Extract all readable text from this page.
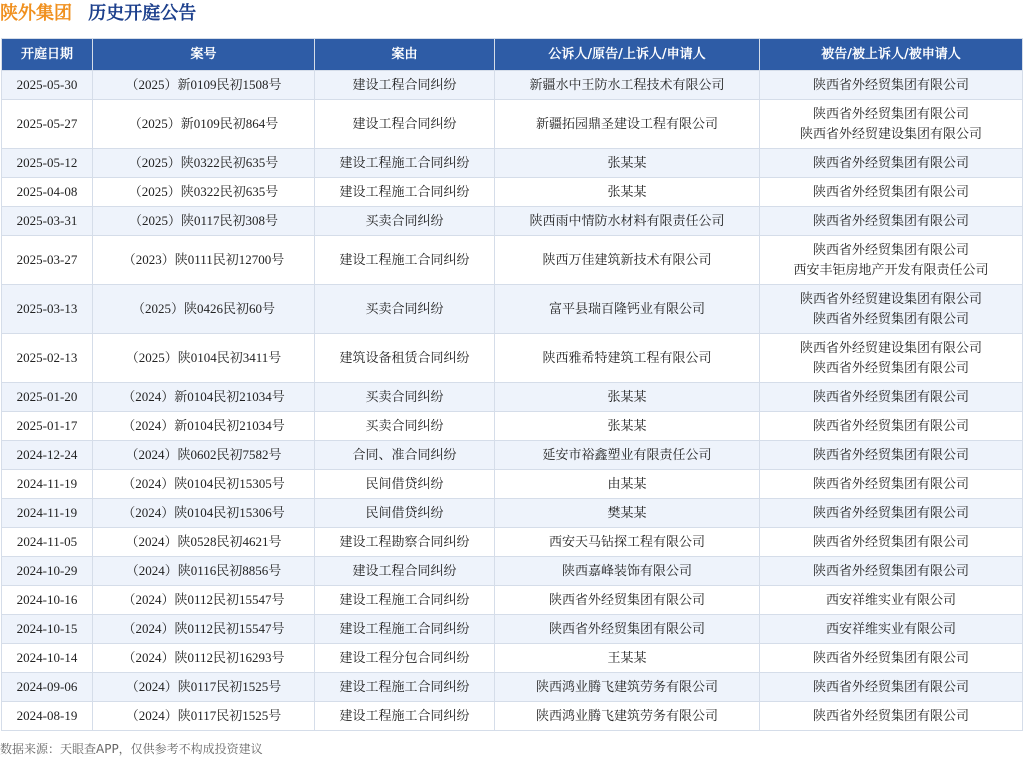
陕外集团 历史开庭公告
开庭日期	案号	案由	公诉人/原告/上诉人/申请人	被告/被上诉人/被申请人
2025-05-30	（2025）新0109民初1508号	建设工程合同纠纷	新疆水中王防水工程技术有限公司	陕西省外经贸集团有限公司

2025-05-27	（2025）新0109民初864号	建设工程合同纠纷	新疆拓园鼎圣建设工程有限公司	陕西省外经贸集团有限公司
陕西省外经贸建设集团有限公司

2025-05-12	（2025）陕0322民初635号	建设工程施工合同纠纷	张某某	陕西省外经贸集团有限公司

2025-04-08	（2025）陕0322民初635号	建设工程施工合同纠纷	张某某	陕西省外经贸集团有限公司

2025-03-31	（2025）陕0117民初308号	买卖合同纠纷	陕西雨中情防水材料有限责任公司	陕西省外经贸集团有限公司

2025-03-27	（2023）陕0111民初12700号	建设工程施工合同纠纷	陕西万佳建筑新技术有限公司	陕西省外经贸集团有限公司
西安丰钜房地产开发有限责任公司

2025-03-13	（2025）陕0426民初60号	买卖合同纠纷	富平县瑞百隆钙业有限公司	陕西省外经贸建设集团有限公司
陕西省外经贸集团有限公司

2025-02-13	（2025）陕0104民初3411号	建筑设备租赁合同纠纷	陕西雅希特建筑工程有限公司	陕西省外经贸建设集团有限公司
陕西省外经贸集团有限公司

2025-01-20	（2024）新0104民初21034号	买卖合同纠纷	张某某	陕西省外经贸集团有限公司

2025-01-17	（2024）新0104民初21034号	买卖合同纠纷	张某某	陕西省外经贸集团有限公司

2024-12-24	（2024）陕0602民初7582号	合同、准合同纠纷	延安市裕鑫塑业有限责任公司	陕西省外经贸集团有限公司

2024-11-19	（2024）陕0104民初15305号	民间借贷纠纷	由某某	陕西省外经贸集团有限公司

2024-11-19	（2024）陕0104民初15306号	民间借贷纠纷	樊某某	陕西省外经贸集团有限公司

2024-11-05	（2024）陕0528民初4621号	建设工程勘察合同纠纷	西安天马钻探工程有限公司	陕西省外经贸集团有限公司

2024-10-29	（2024）陕0116民初8856号	建设工程合同纠纷	陕西嘉峰装饰有限公司	陕西省外经贸集团有限公司

2024-10-16	（2024）陕0112民初15547号	建设工程施工合同纠纷	陕西省外经贸集团有限公司	西安祥维实业有限公司

2024-10-15	（2024）陕0112民初15547号	建设工程施工合同纠纷	陕西省外经贸集团有限公司	西安祥维实业有限公司

2024-10-14	（2024）陕0112民初16293号	建设工程分包合同纠纷	王某某	陕西省外经贸集团有限公司

2024-09-06	（2024）陕0117民初1525号	建设工程施工合同纠纷	陕西鸿业腾飞建筑劳务有限公司	陕西省外经贸集团有限公司

2024-08-19	（2024）陕0117民初1525号	建设工程施工合同纠纷	陕西鸿业腾飞建筑劳务有限公司	陕西省外经贸集团有限公司
数据来源：天眼查APP，仅供参考不构成投资建议
